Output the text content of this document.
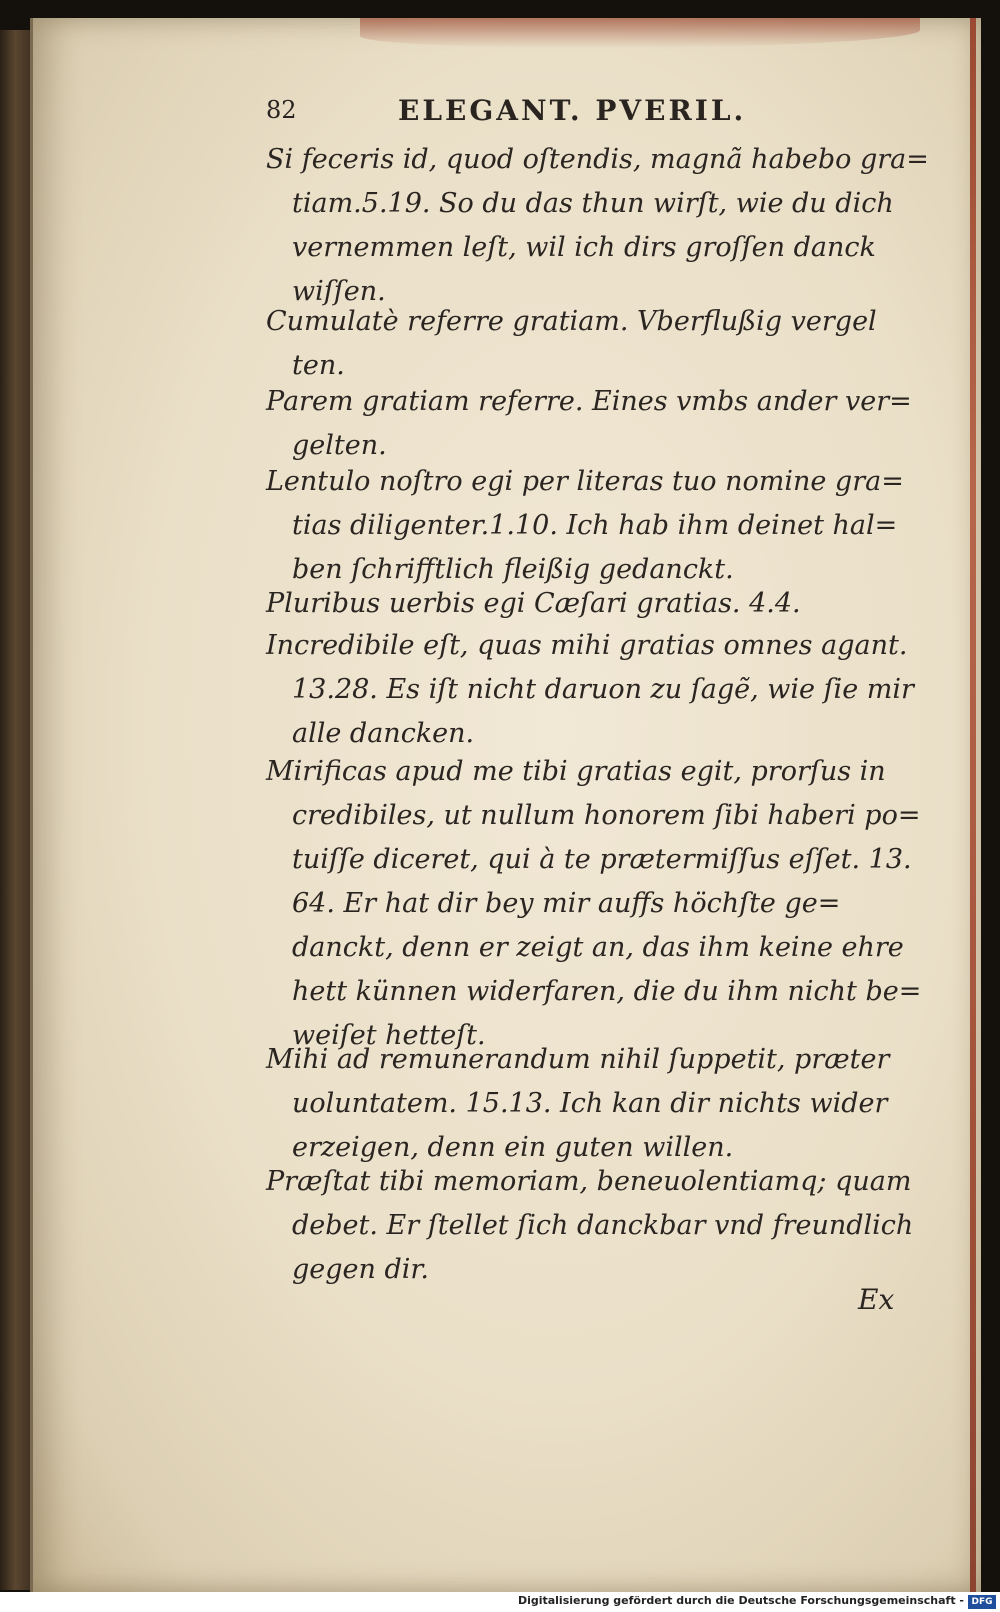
82	ELEGANT. PVERIL.
Si feceris id, quod oſtendis, magnã habebo gra=
tiam.5.19. So du das thun wirſt, wie du dich
vernemmen leſt, wil ich dirs groſſen danck
wiſſen.
Cumulatè referre gratiam. Vberflußig vergel
ten.
Parem gratiam referre. Eines vmbs ander ver=
gelten.
Lentulo noſtro egi per literas tuo nomine gra=
tias diligenter.1.10. Ich hab ihm deinet hal=
ben ſchrifftlich fleißig gedanckt.
Pluribus uerbis egi Cæſari gratias. 4.4.
Incredibile eſt, quas mihi gratias omnes agant.
13.28. Es iſt nicht daruon zu ſagẽ, wie ſie mir
alle dancken.
Mirificas apud me tibi gratias egit, prorſus in
credibiles, ut nullum honorem ſibi haberi po=
tuiſſe diceret, qui à te prætermiſſus eſſet. 13.
64. Er hat dir bey mir auffs höchſte ge=
danckt, denn er zeigt an, das ihm keine ehre
hett künnen widerfaren, die du ihm nicht be=
weiſet hetteſt.
Mihi ad remunerandum nihil ſuppetit, præter
uoluntatem. 15.13. Ich kan dir nichts wider
erzeigen, denn ein guten willen.
Præſtat tibi memoriam, beneuolentiamq; quam
debet. Er ſtellet ſich danckbar vnd freundlich
gegen dir.
Ex
Digitalisierung gefördert durch die Deutsche Forschungsgemeinschaft - DFG
